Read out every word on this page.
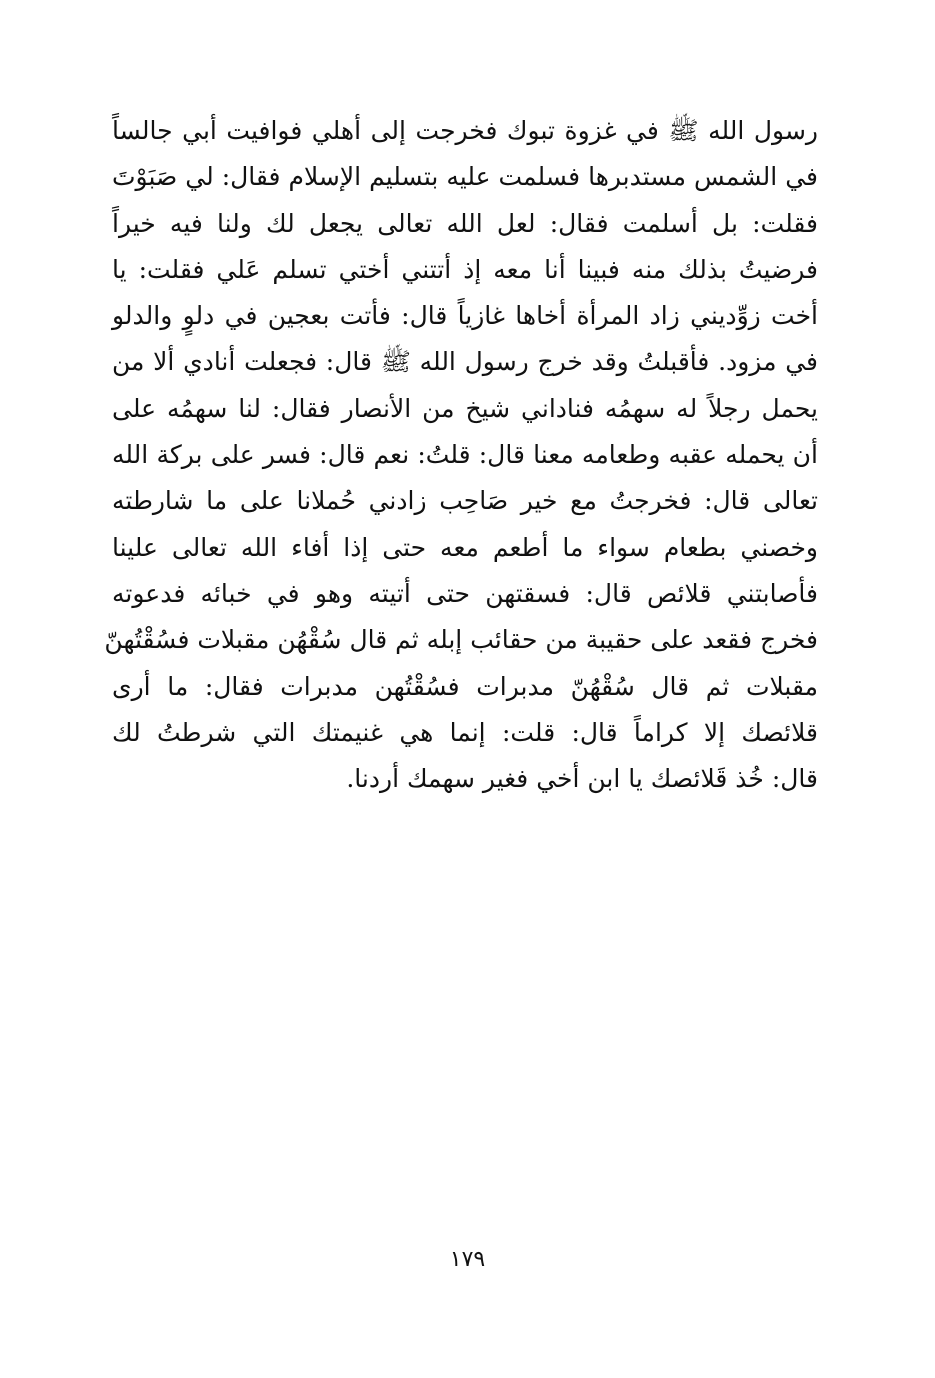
رسول الله ﷺ في غزوة تبوك فخرجت إلى أهلي فوافيت أبي جالساً
في الشمس مستدبرها فسلمت عليه بتسليم الإسلام فقال: لي صَبَوْتَ
فقلت: بل أسلمت فقال: لعل الله تعالى يجعل لك ولنا فيه خيراً
فرضيتُ بذلك منه فبينا أنا معه إذ أتتني أختي تسلم عَلي فقلت: يا
أخت زوِّديني زاد المرأة أخاها غازياً قال: فأتت بعجين في دلوٍ والدلو
في مزود. فأقبلتُ وقد خرج رسول الله ﷺ قال: فجعلت أنادي ألا من
يحمل رجلاً له سهمُه فناداني شيخ من الأنصار فقال: لنا سهمُه على
أن يحمله عقبه وطعامه معنا قال: قلتُ: نعم قال: فسر على بركة الله
تعالى قال: فخرجتُ مع خير صَاحِب زادني حُملانا على ما شارطته
وخصني بطعام سواء ما أطعم معه حتى إذا أفاء الله تعالى علينا
فأصابتني قلائص قال: فسقتهن حتى أتيته وهو في خبائه فدعوته
فخرج فقعد على حقيبة من حقائب إبله ثم قال سُقْهُن مقبلات فسُقْتُهنّ
مقبلات ثم قال سُقْهُنّ مدبرات فسُقْتُهن مدبرات فقال: ما أرى
قلائصك إلا كراماً قال: قلت: إنما هي غنيمتك التي شرطتُ لك
قال: خُذ قَلائصك يا ابن أخي فغير سهمك أردنا.
١٧٩
